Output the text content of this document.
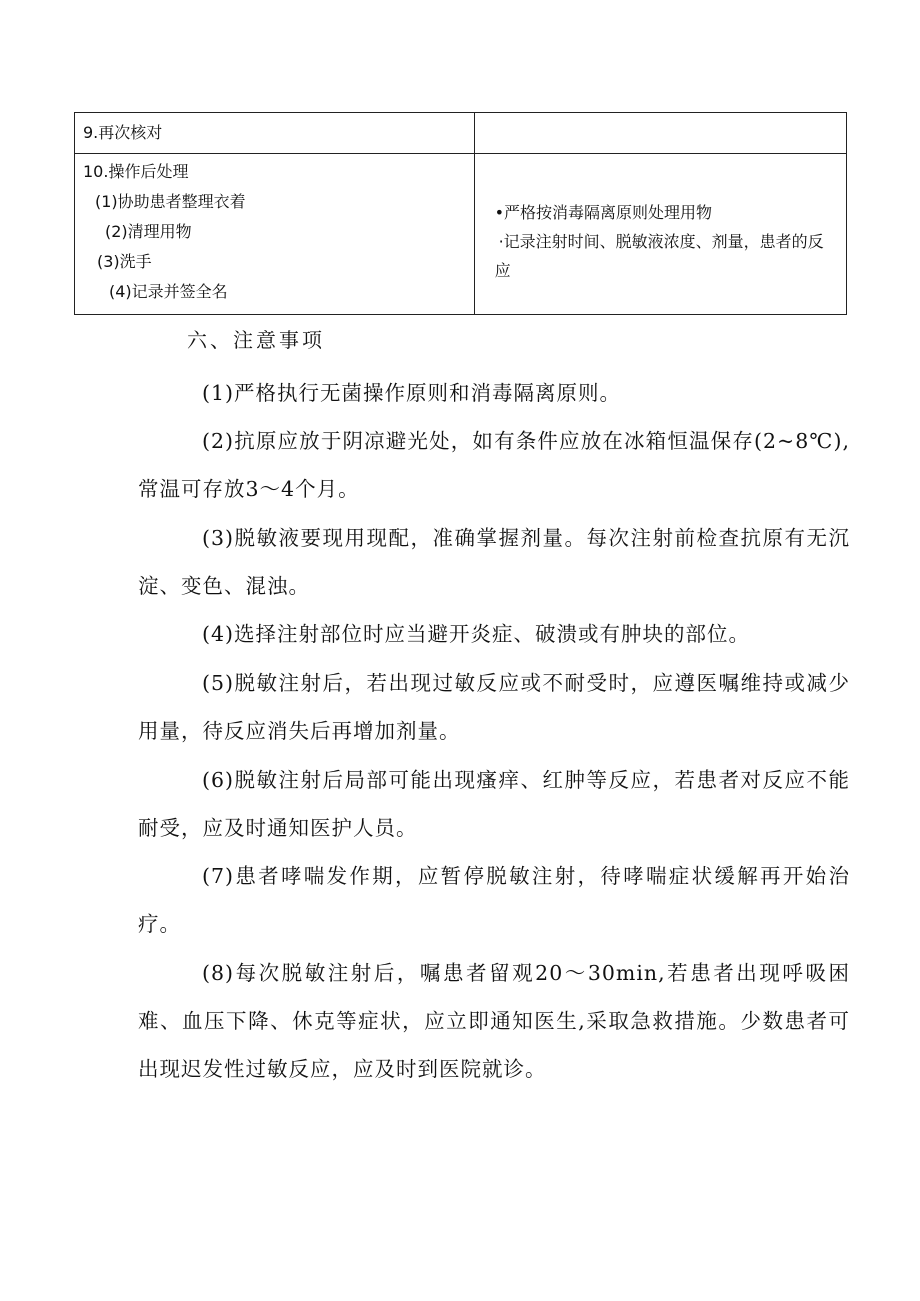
9.再次核对	

10.操作后处理
(1)协助患者整理衣着
(2)清理用物
(3)洗手
(4)记录并签全名	•严格按消毒隔离原则处理用物
·记录注射时间、脱敏液浓度、剂量，患者的反应
六、注意事项
(1)严格执行无菌操作原则和消毒隔离原则。
(2)抗原应放于阴凉避光处，如有条件应放在冰箱恒温保存(2~8℃),常温可存放3～4个月。
(3)脱敏液要现用现配，准确掌握剂量。每次注射前检查抗原有无沉淀、变色、混浊。
(4)选择注射部位时应当避开炎症、破溃或有肿块的部位。
(5)脱敏注射后，若出现过敏反应或不耐受时，应遵医嘱维持或减少用量，待反应消失后再增加剂量。
(6)脱敏注射后局部可能出现瘙痒、红肿等反应，若患者对反应不能耐受，应及时通知医护人员。
(7)患者哮喘发作期，应暂停脱敏注射，待哮喘症状缓解再开始治疗。
(8)每次脱敏注射后，嘱患者留观20～30min,若患者出现呼吸困难、血压下降、休克等症状，应立即通知医生,采取急救措施。少数患者可出现迟发性过敏反应，应及时到医院就诊。
